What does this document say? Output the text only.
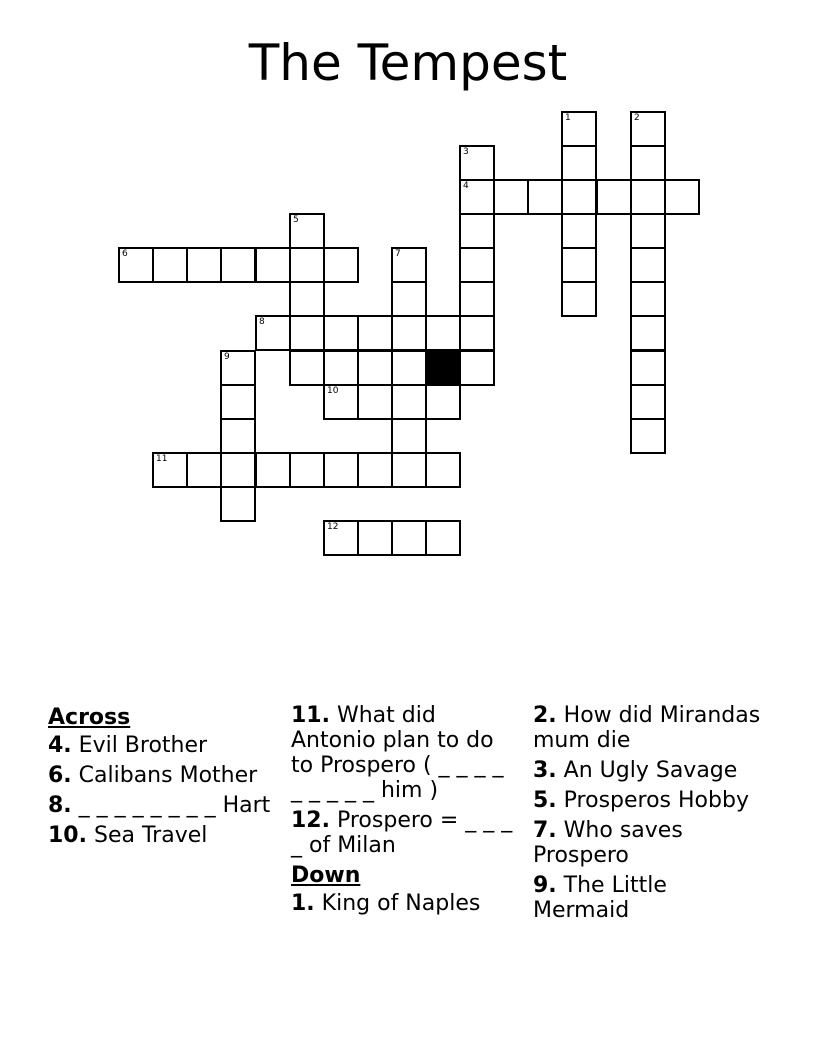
The Tempest
1	2
3
4
5
6	7
8
9
10
11
12
Across
4. Evil Brother
6. Calibans Mother
8. _ _ _ _ _ _ _ _ Hart
10. Sea Travel
11. What did Antonio plan to do to Prospero ( _ _ _ _ _ _ _ _ _ him )
12. Prospero = _ _ _ _ of Milan
Down
1. King of Naples
2. How did Mirandas mum die
3. An Ugly Savage
5. Prosperos Hobby
7. Who saves Prospero
9. The Little Mermaid
